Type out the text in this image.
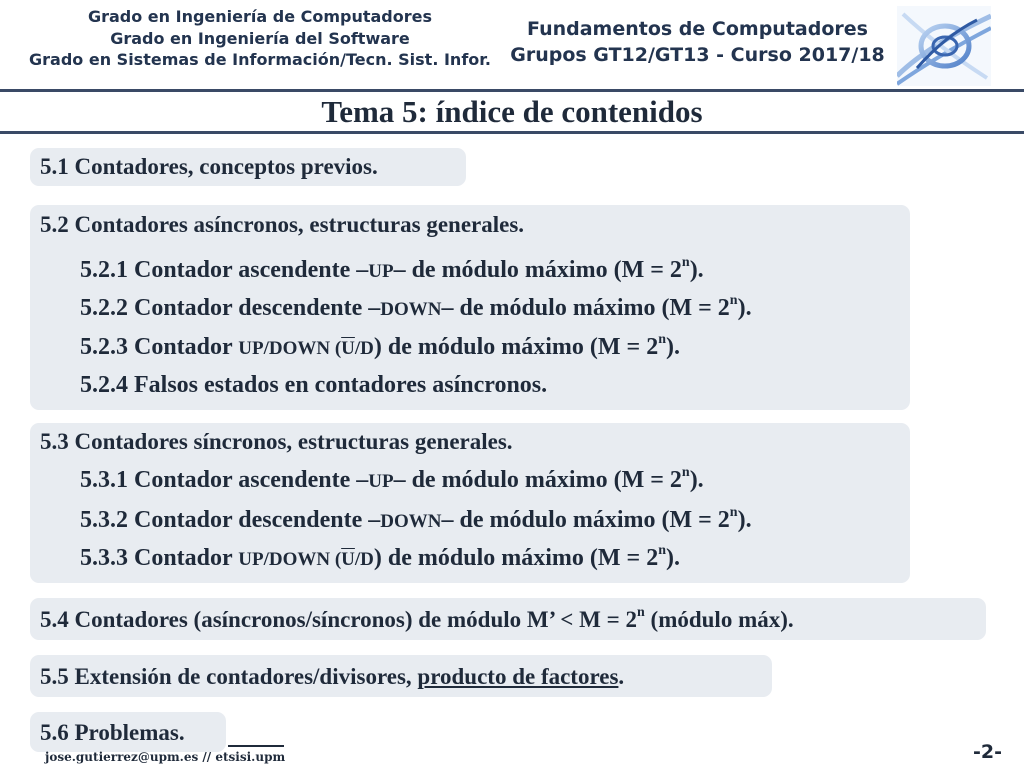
Grado en Ingeniería de Computadores
Grado en Ingeniería del Software
Grado en Sistemas de Información/Tecn. Sist. Infor.
Fundamentos de Computadores
Grupos GT12/GT13 - Curso 2017/18
Tema 5: índice de contenidos
5.1 Contadores, conceptos previos.
5.2 Contadores asíncronos, estructuras generales.
5.2.1 Contador ascendente –UP– de módulo máximo $(M = 2^n)$.
5.2.2 Contador descendente –DOWN– de módulo máximo $(M = 2^n)$.
5.2.3 Contador UP/DOWN $(\overline{U}/D)$ de módulo máximo $(M = 2^n)$.
5.2.4 Falsos estados en contadores asíncronos.
5.3 Contadores síncronos, estructuras generales.
5.3.1 Contador ascendente –UP– de módulo máximo $(M = 2^n)$.
5.3.2 Contador descendente –DOWN– de módulo máximo $(M = 2^n)$.
5.3.3 Contador UP/DOWN $(\overline{U}/D)$ de módulo máximo $(M = 2^n)$.
5.4 Contadores (asíncronos/síncronos) de módulo M’ < $M = 2^n$ (módulo máx).
5.5 Extensión de contadores/divisores, producto de factores.
5.6 Problemas.
jose.gutierrez@upm.es // etsisi.upm	-2-
